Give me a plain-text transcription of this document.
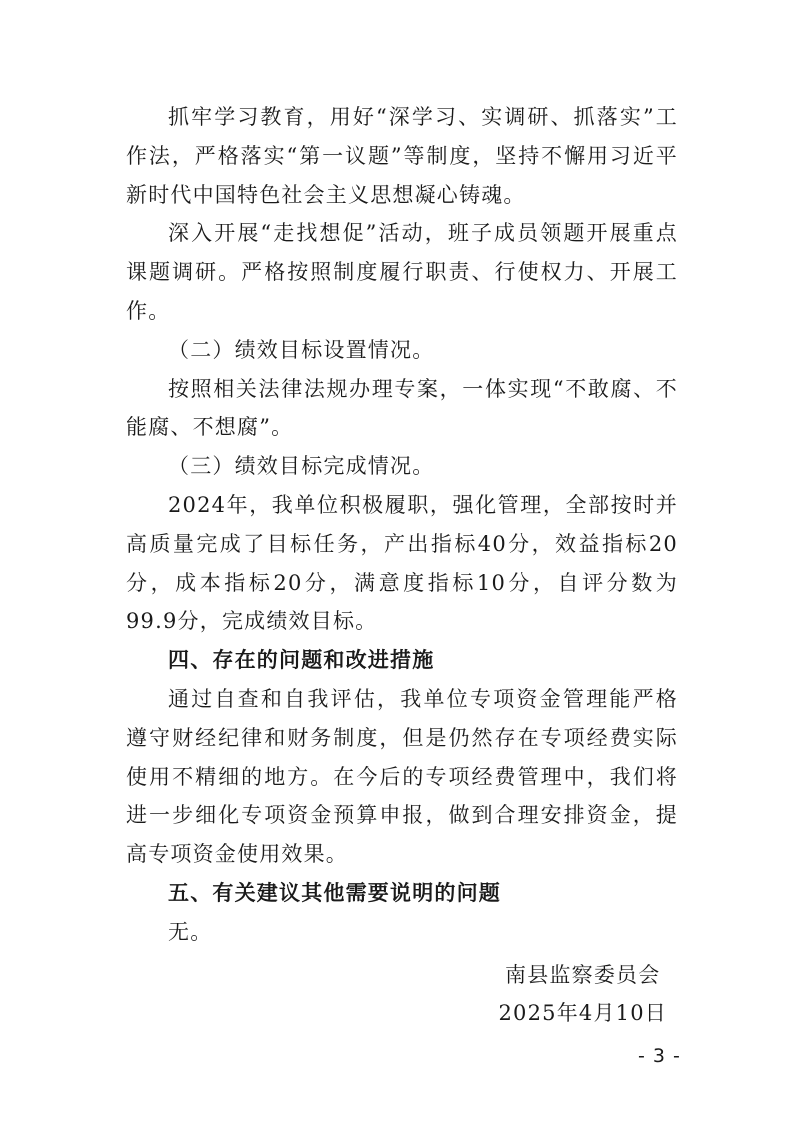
抓牢学习教育，用好“深学习、实调研、抓落实”工作法，严格落实“第一议题”等制度，坚持不懈用习近平新时代中国特色社会主义思想凝心铸魂。

深入开展“走找想促”活动，班子成员领题开展重点课题调研。严格按照制度履行职责、行使权力、开展工作。

（二）绩效目标设置情况。

按照相关法律法规办理专案，一体实现“不敢腐、不能腐、不想腐”。

（三）绩效目标完成情况。

2024年，我单位积极履职，强化管理，全部按时并高质量完成了目标任务，产出指标40分，效益指标20分，成本指标20分，满意度指标10分，自评分数为99.9分，完成绩效目标。

四、存在的问题和改进措施

通过自查和自我评估，我单位专项资金管理能严格遵守财经纪律和财务制度，但是仍然存在专项经费实际使用不精细的地方。在今后的专项经费管理中，我们将进一步细化专项资金预算申报，做到合理安排资金，提高专项资金使用效果。

五、有关建议其他需要说明的问题

无。

南县监察委员会
2025年4月10日
- 3 -
